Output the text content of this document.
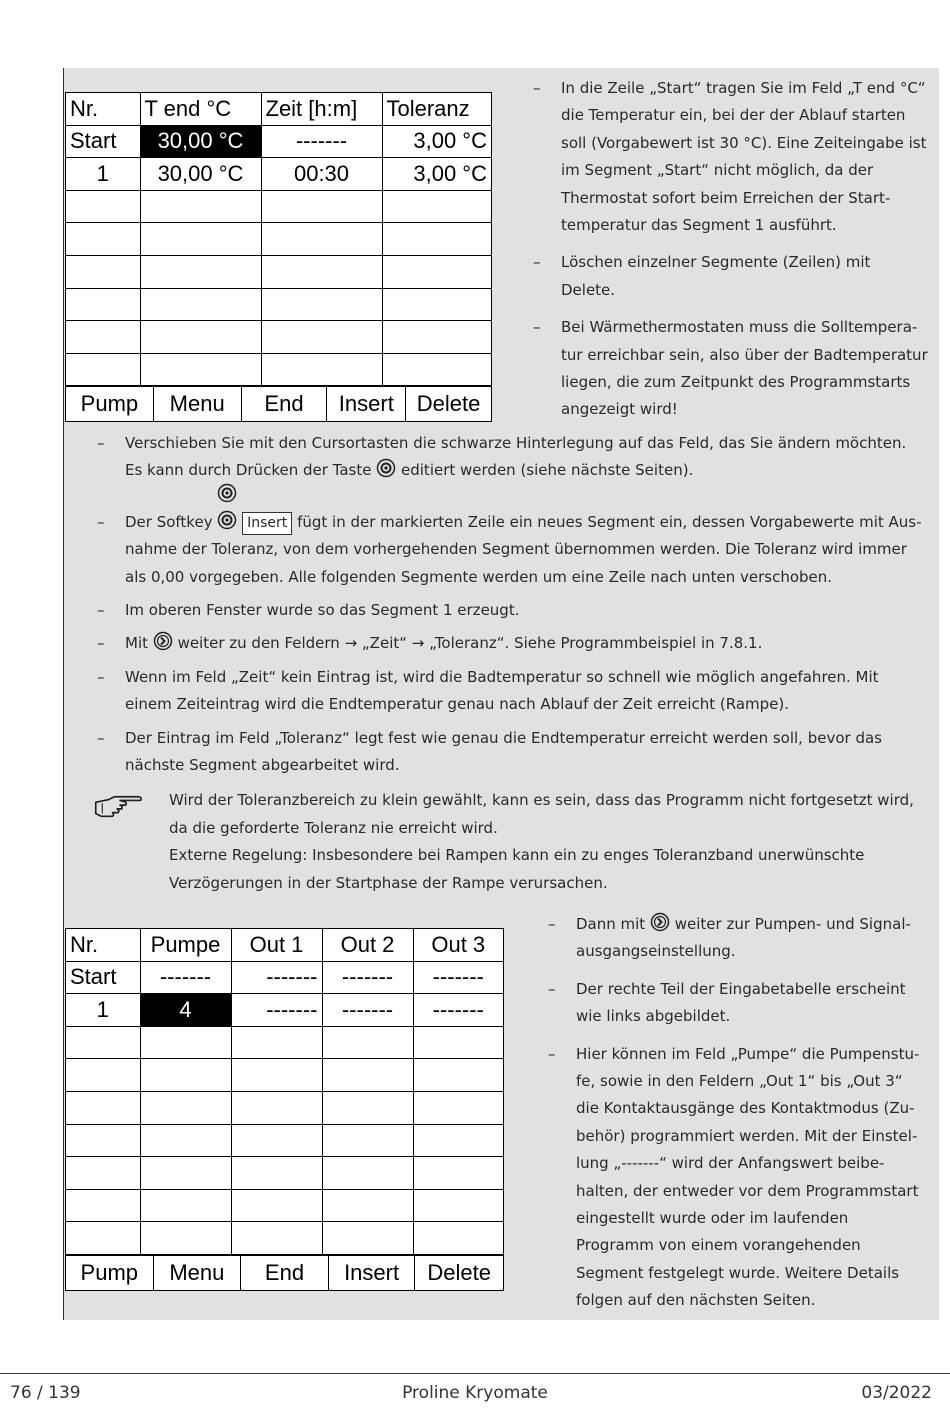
Nr.	T end °C	Zeit [h:m]	Toleranz
Start	30,00 °C	-------	3,00 °C
1	30,00 °C	00:30	3,00 °C

Pump	Menu	End	Insert	Delete
– In die Zeile „Start“ tragen Sie im Feld „T end °C“ die Temperatur ein, bei der der Ablauf starten soll (Vorgabewert ist 30 °C). Eine Zeiteingabe ist im Segment „Start“ nicht möglich, da der Thermostat sofort beim Erreichen der Starttemperatur das Segment 1 ausführt.
– Löschen einzelner Segmente (Zeilen) mit Delete.
– Bei Wärmethermostaten muss die Solltemperatur erreichbar sein, also über der Badtemperatur liegen, die zum Zeitpunkt des Programmstarts angezeigt wird!
– Verschieben Sie mit den Cursortasten die schwarze Hinterlegung auf das Feld, das Sie ändern möchten. Es kann durch Drücken der Taste editiert werden (siehe nächste Seiten).
– Der Softkey Insert fügt in der markierten Zeile ein neues Segment ein, dessen Vorgabewerte mit Ausnahme der Toleranz, von dem vorhergehenden Segment übernommen werden. Die Toleranz wird immer als 0,00 vorgegeben. Alle folgenden Segmente werden um eine Zeile nach unten verschoben.
– Im oberen Fenster wurde so das Segment 1 erzeugt.
– Mit weiter zu den Feldern → „Zeit“ → „Toleranz“. Siehe Programmbeispiel in 7.8.1.
– Wenn im Feld „Zeit“ kein Eintrag ist, wird die Badtemperatur so schnell wie möglich angefahren. Mit einem Zeiteintrag wird die Endtemperatur genau nach Ablauf der Zeit erreicht (Rampe).
– Der Eintrag im Feld „Toleranz“ legt fest wie genau die Endtemperatur erreicht werden soll, bevor das nächste Segment abgearbeitet wird.
Wird der Toleranzbereich zu klein gewählt, kann es sein, dass das Programm nicht fortgesetzt wird, da die geforderte Toleranz nie erreicht wird.
Externe Regelung: Insbesondere bei Rampen kann ein zu enges Toleranzband unerwünschte Verzögerungen in der Startphase der Rampe verursachen.
Nr.	Pumpe	Out 1	Out 2	Out 3
Start	-------	-------	-------	-------
1	4	-------	-------	-------

Pump	Menu	End	Insert	Delete
– Dann mit weiter zur Pumpen- und Signalausgangseinstellung.
– Der rechte Teil der Eingabetabelle erscheint wie links abgebildet.
– Hier können im Feld „Pumpe“ die Pumpenstufe, sowie in den Feldern „Out 1“ bis „Out 3“ die Kontaktausgänge des Kontaktmodus (Zubehör) programmiert werden. Mit der Einstellung „-------“ wird der Anfangswert beibehalten, der entweder vor dem Programmstart eingestellt wurde oder im laufenden Programm von einem vorangehenden Segment festgelegt wurde. Weitere Details folgen auf den nächsten Seiten.
76 / 139	Proline Kryomate	03/2022
